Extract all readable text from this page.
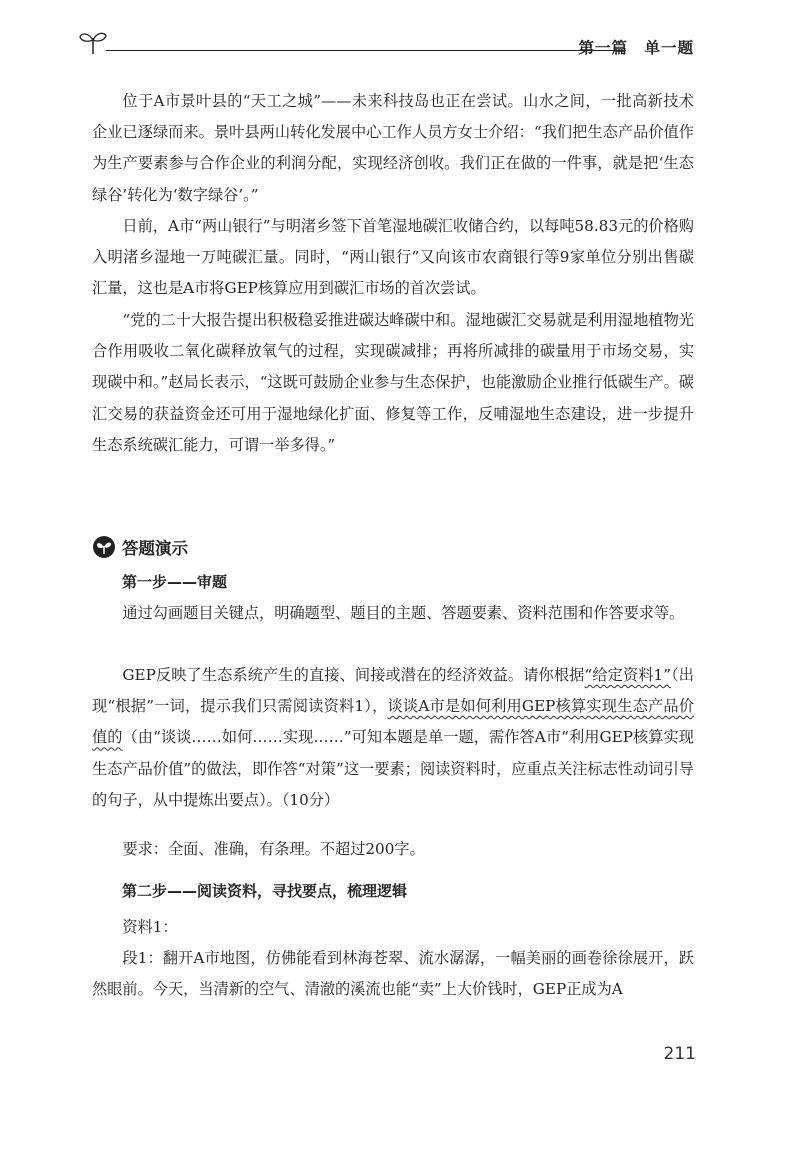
第一篇　单一题

位于A市景叶县的“天工之城”——未来科技岛也正在尝试。山水之间，一批高新技术企业已逐绿而来。景叶县两山转化发展中心工作人员方女士介绍：“我们把生态产品价值作为生产要素参与合作企业的利润分配，实现经济创收。我们正在做的一件事，就是把‘生态绿谷’转化为‘数字绿谷’。”

日前，A市“两山银行”与明渚乡签下首笔湿地碳汇收储合约，以每吨58.83元的价格购入明渚乡湿地一万吨碳汇量。同时，“两山银行”又向该市农商银行等9家单位分别出售碳汇量，这也是A市将GEP核算应用到碳汇市场的首次尝试。

“党的二十大报告提出积极稳妥推进碳达峰碳中和。湿地碳汇交易就是利用湿地植物光合作用吸收二氧化碳释放氧气的过程，实现碳减排；再将所减排的碳量用于市场交易，实现碳中和。”赵局长表示，“这既可鼓励企业参与生态保护，也能激励企业推行低碳生产。碳汇交易的获益资金还可用于湿地绿化扩面、修复等工作，反哺湿地生态建设，进一步提升生态系统碳汇能力，可谓一举多得。”

答题演示
第一步——审题

通过勾画题目关键点，明确题型、题目的主题、答题要素、资料范围和作答要求等。

GEP反映了生态系统产生的直接、间接或潜在的经济效益。请你根据“给定资料1”（出现“根据”一词，提示我们只需阅读资料1），谈谈A市是如何利用GEP核算实现生态产品价值的（由“谈谈……如何……实现……”可知本题是单一题，需作答A市“利用GEP核算实现生态产品价值”的做法，即作答“对策”这一要素；阅读资料时，应重点关注标志性动词引导的句子，从中提炼出要点）。（10分）

要求：全面、准确，有条理。不超过200字。
第二步——阅读资料，寻找要点，梳理逻辑
资料1：

段1：翻开A市地图，仿佛能看到林海苍翠、流水潺潺，一幅美丽的画卷徐徐展开，跃然眼前。今天，当清新的空气、清澈的溪流也能“卖”上大价钱时，GEP正成为A

211
